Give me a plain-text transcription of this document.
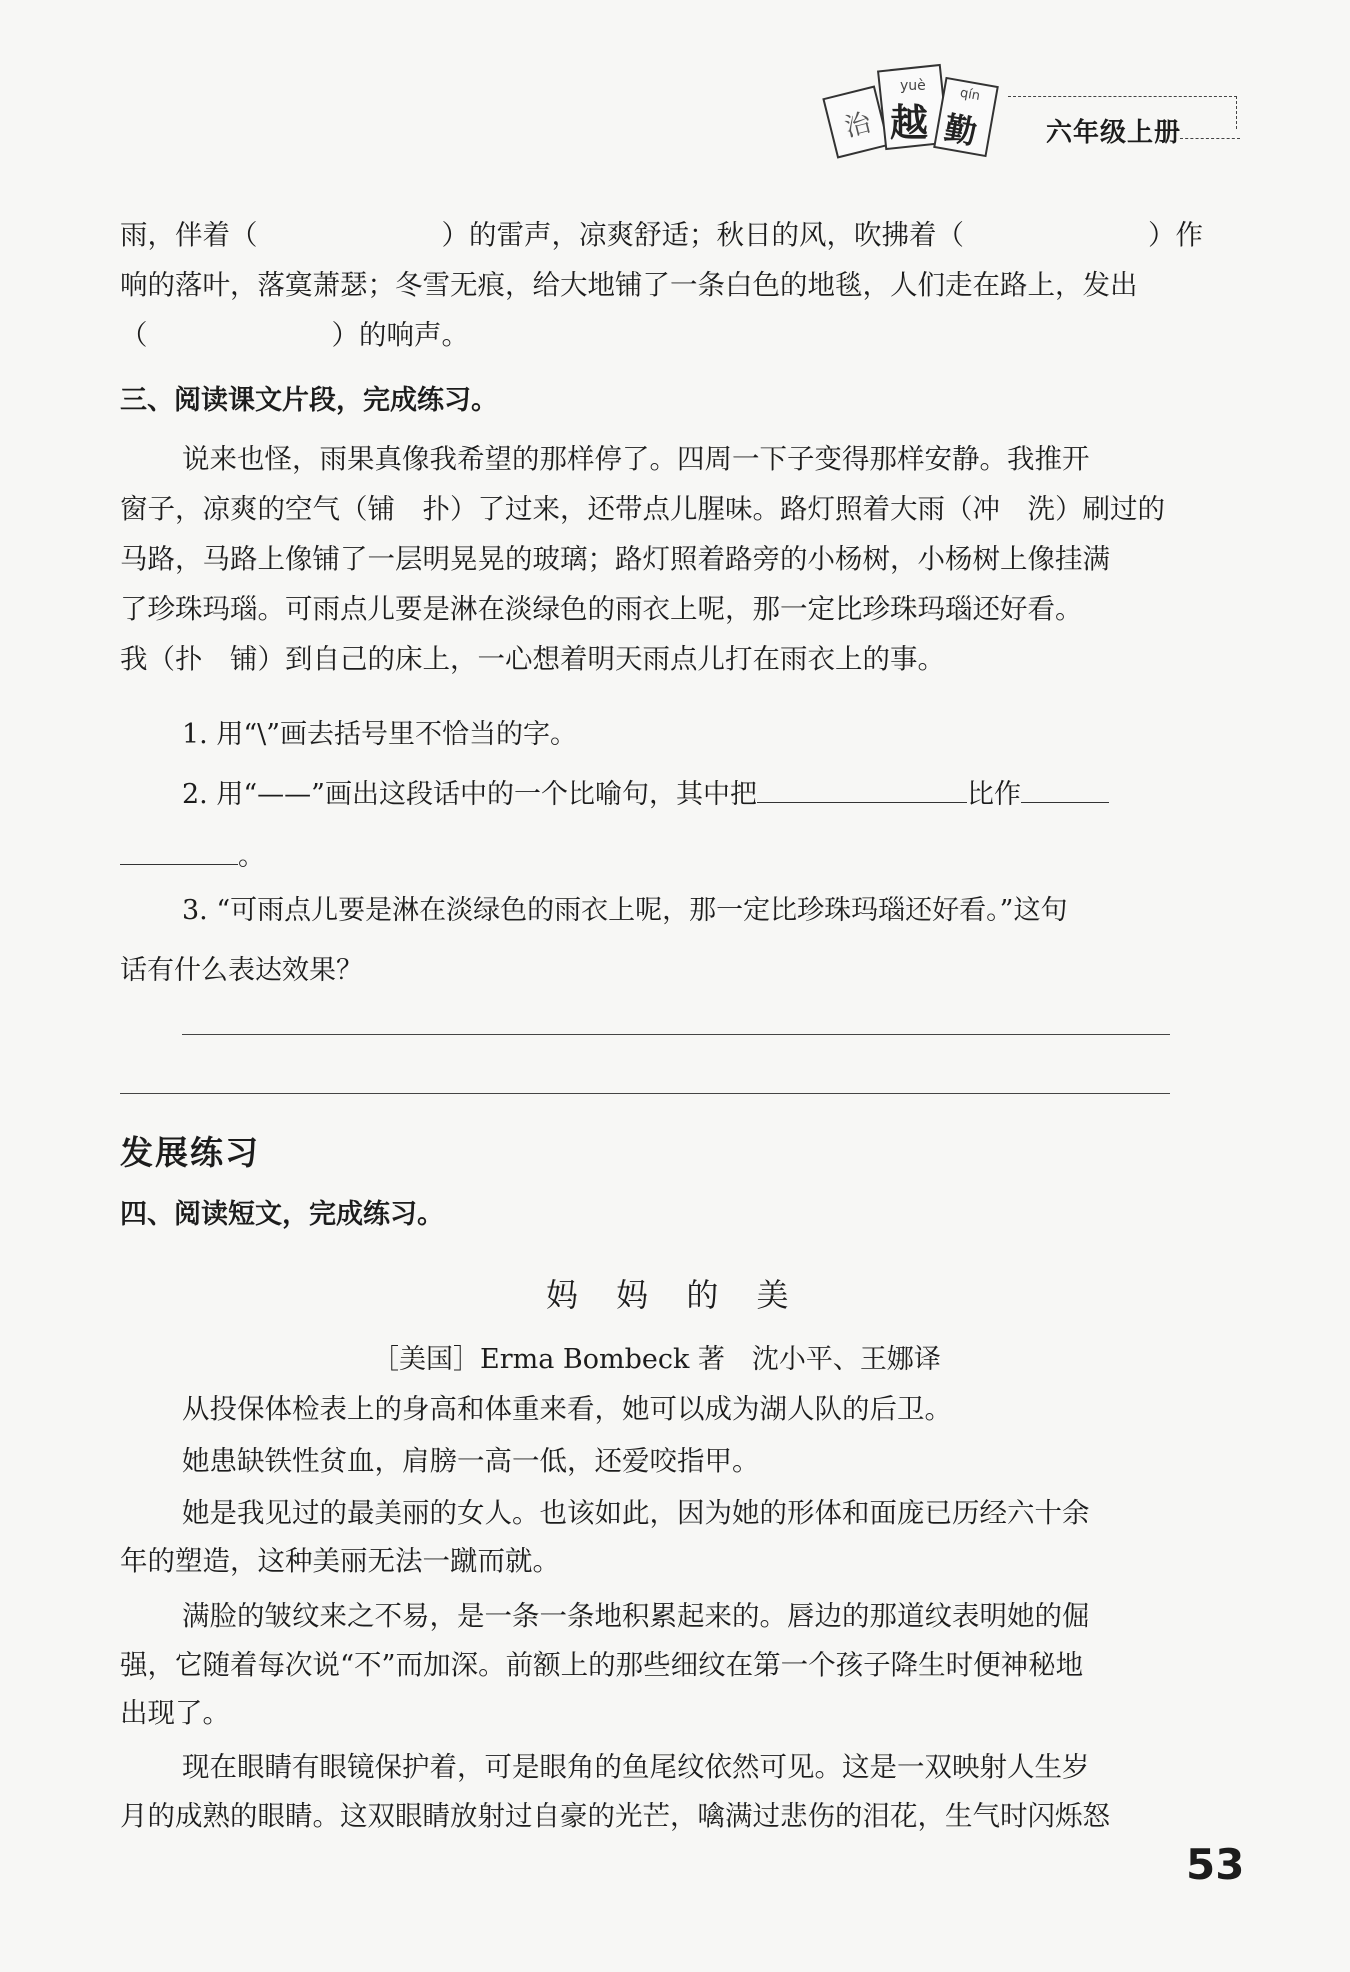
治 越 勤
yuè	qín
六年级上册
雨，伴着（	）的雷声，凉爽舒适；秋日的风，吹拂着（	）作
响的落叶，落寞萧瑟；冬雪无痕，给大地铺了一条白色的地毯，人们走在路上，发出
（	）的响声。
三、阅读课文片段，完成练习。
说来也怪，雨果真像我希望的那样停了。四周一下子变得那样安静。我推开
窗子，凉爽的空气（铺　扑）了过来，还带点儿腥味。路灯照着大雨（冲　洗）刷过的
马路，马路上像铺了一层明晃晃的玻璃；路灯照着路旁的小杨树，小杨树上像挂满
了珍珠玛瑙。可雨点儿要是淋在淡绿色的雨衣上呢，那一定比珍珠玛瑙还好看。
我（扑　铺）到自己的床上，一心想着明天雨点儿打在雨衣上的事。
1. 用“\”画去括号里不恰当的字。
2. 用“——”画出这段话中的一个比喻句，其中把	比作
。
3. “可雨点儿要是淋在淡绿色的雨衣上呢，那一定比珍珠玛瑙还好看。”这句
话有什么表达效果？
发展练习
四、阅读短文，完成练习。
妈 妈 的 美
［美国］Erma Bombeck 著　沈小平、王娜译
从投保体检表上的身高和体重来看，她可以成为湖人队的后卫。
她患缺铁性贫血，肩膀一高一低，还爱咬指甲。
她是我见过的最美丽的女人。也该如此，因为她的形体和面庞已历经六十余
年的塑造，这种美丽无法一蹴而就。
满脸的皱纹来之不易，是一条一条地积累起来的。唇边的那道纹表明她的倔
强，它随着每次说“不”而加深。前额上的那些细纹在第一个孩子降生时便神秘地
出现了。
现在眼睛有眼镜保护着，可是眼角的鱼尾纹依然可见。这是一双映射人生岁
月的成熟的眼睛。这双眼睛放射过自豪的光芒，噙满过悲伤的泪花，生气时闪烁怒
53
